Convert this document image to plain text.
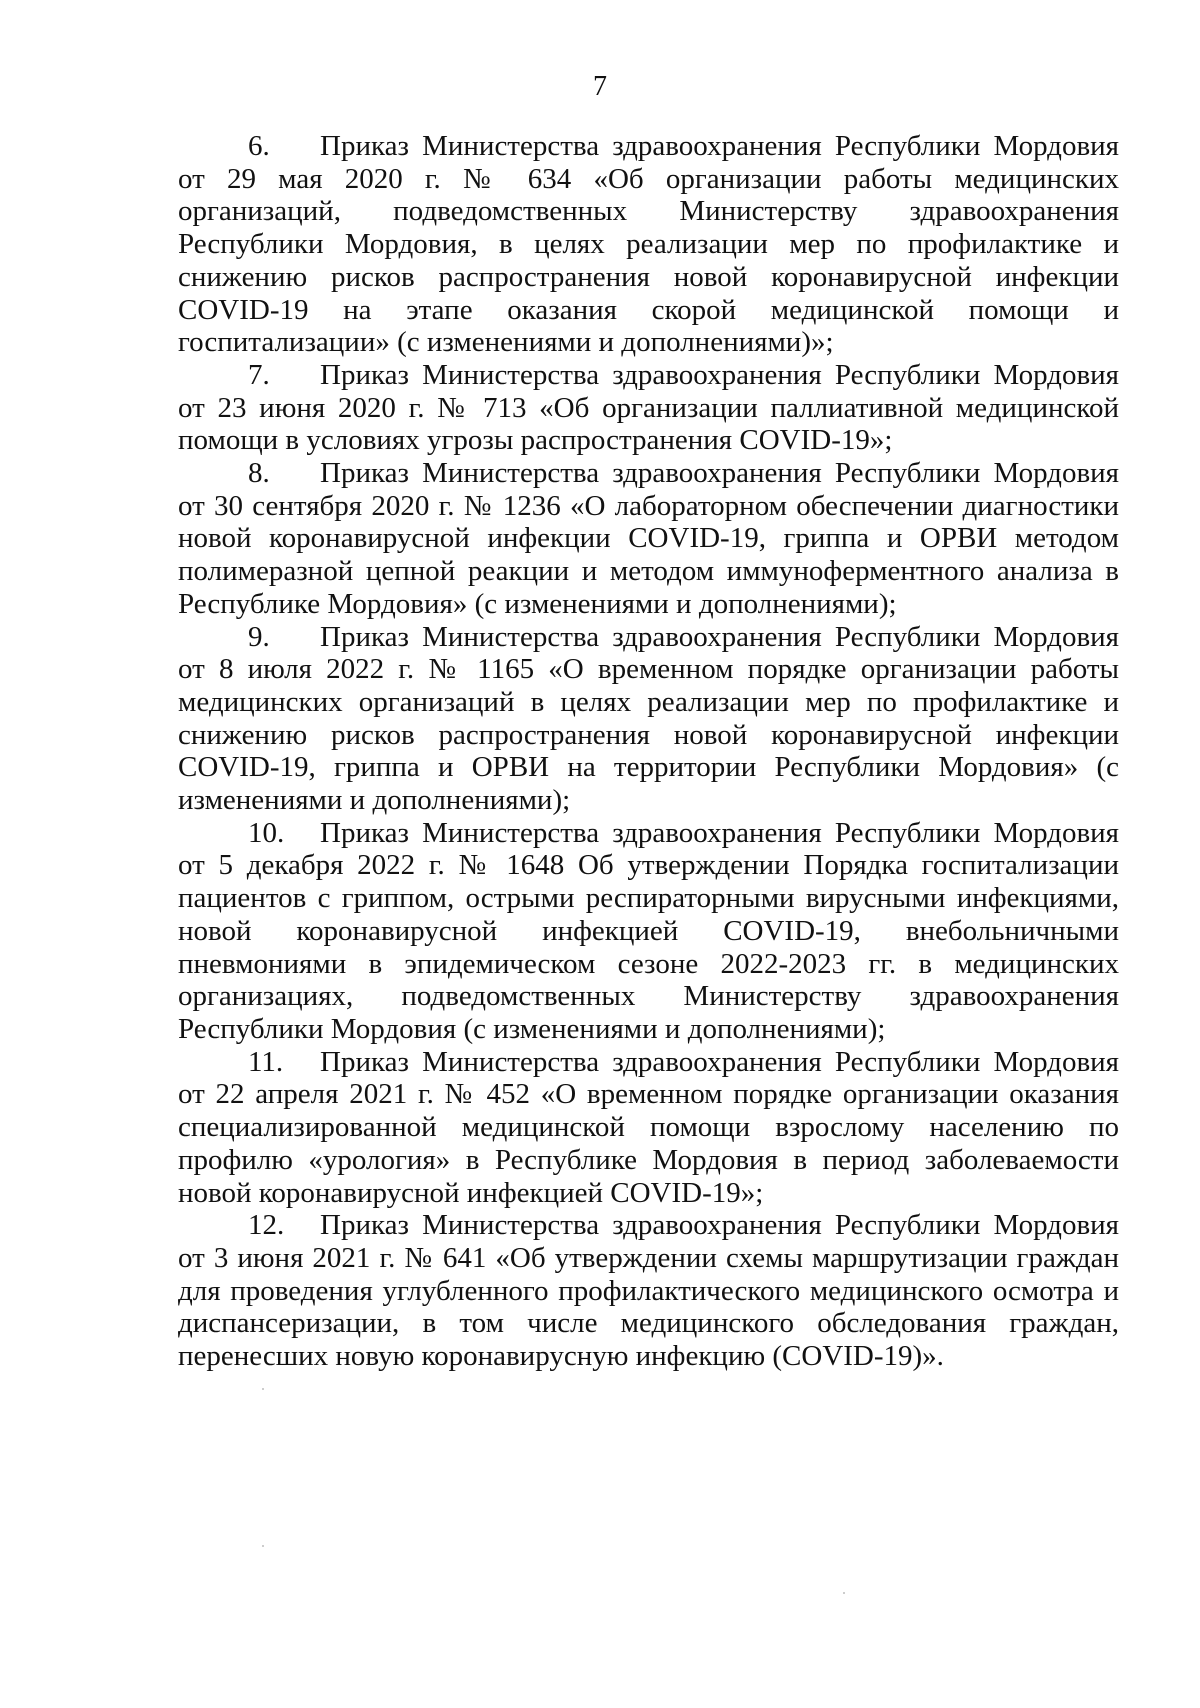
7

6. Приказ Министерства здравоохранения Республики Мордовия от 29 мая 2020 г. № 634 «Об организации работы медицинских организаций, подведомственных Министерству здравоохранения Республики Мордовия, в целях реализации мер по профилактике и снижению рисков распространения новой коронавирусной инфекции COVID-19 на этапе оказания скорой медицинской помощи и госпитализации» (с изменениями и дополнениями)»;

7. Приказ Министерства здравоохранения Республики Мордовия от 23 июня 2020 г. № 713 «Об организации паллиативной медицинской помощи в условиях угрозы распространения COVID-19»;

8. Приказ Министерства здравоохранения Республики Мордовия от 30 сентября 2020 г. № 1236 «О лабораторном обеспечении диагностики новой коронавирусной инфекции COVID-19, гриппа и ОРВИ методом полимеразной цепной реакции и методом иммуноферментного анализа в Республике Мордовия» (с изменениями и дополнениями);

9. Приказ Министерства здравоохранения Республики Мордовия от 8 июля 2022 г. № 1165 «О временном порядке организации работы медицинских организаций в целях реализации мер по профилактике и снижению рисков распространения новой коронавирусной инфекции COVID-19, гриппа и ОРВИ на территории Республики Мордовия» (с изменениями и дополнениями);

10. Приказ Министерства здравоохранения Республики Мордовия от 5 декабря 2022 г. № 1648 Об утверждении Порядка госпитализации пациентов с гриппом, острыми респираторными вирусными инфекциями, новой коронавирусной инфекцией COVID-19, внебольничными пневмониями в эпидемическом сезоне 2022-2023 гг. в медицинских организациях, подведомственных Министерству здравоохранения Республики Мордовия (с изменениями и дополнениями);

11. Приказ Министерства здравоохранения Республики Мордовия от 22 апреля 2021 г. № 452 «О временном порядке организации оказания специализированной медицинской помощи взрослому населению по профилю «урология» в Республике Мордовия в период заболеваемости новой коронавирусной инфекцией COVID-19»;

12. Приказ Министерства здравоохранения Республики Мордовия от 3 июня 2021 г. № 641 «Об утверждении схемы маршрутизации граждан для проведения углубленного профилактического медицинского осмотра и диспансеризации, в том числе медицинского обследования граждан, перенесших новую коронавирусную инфекцию (COVID-19)».
